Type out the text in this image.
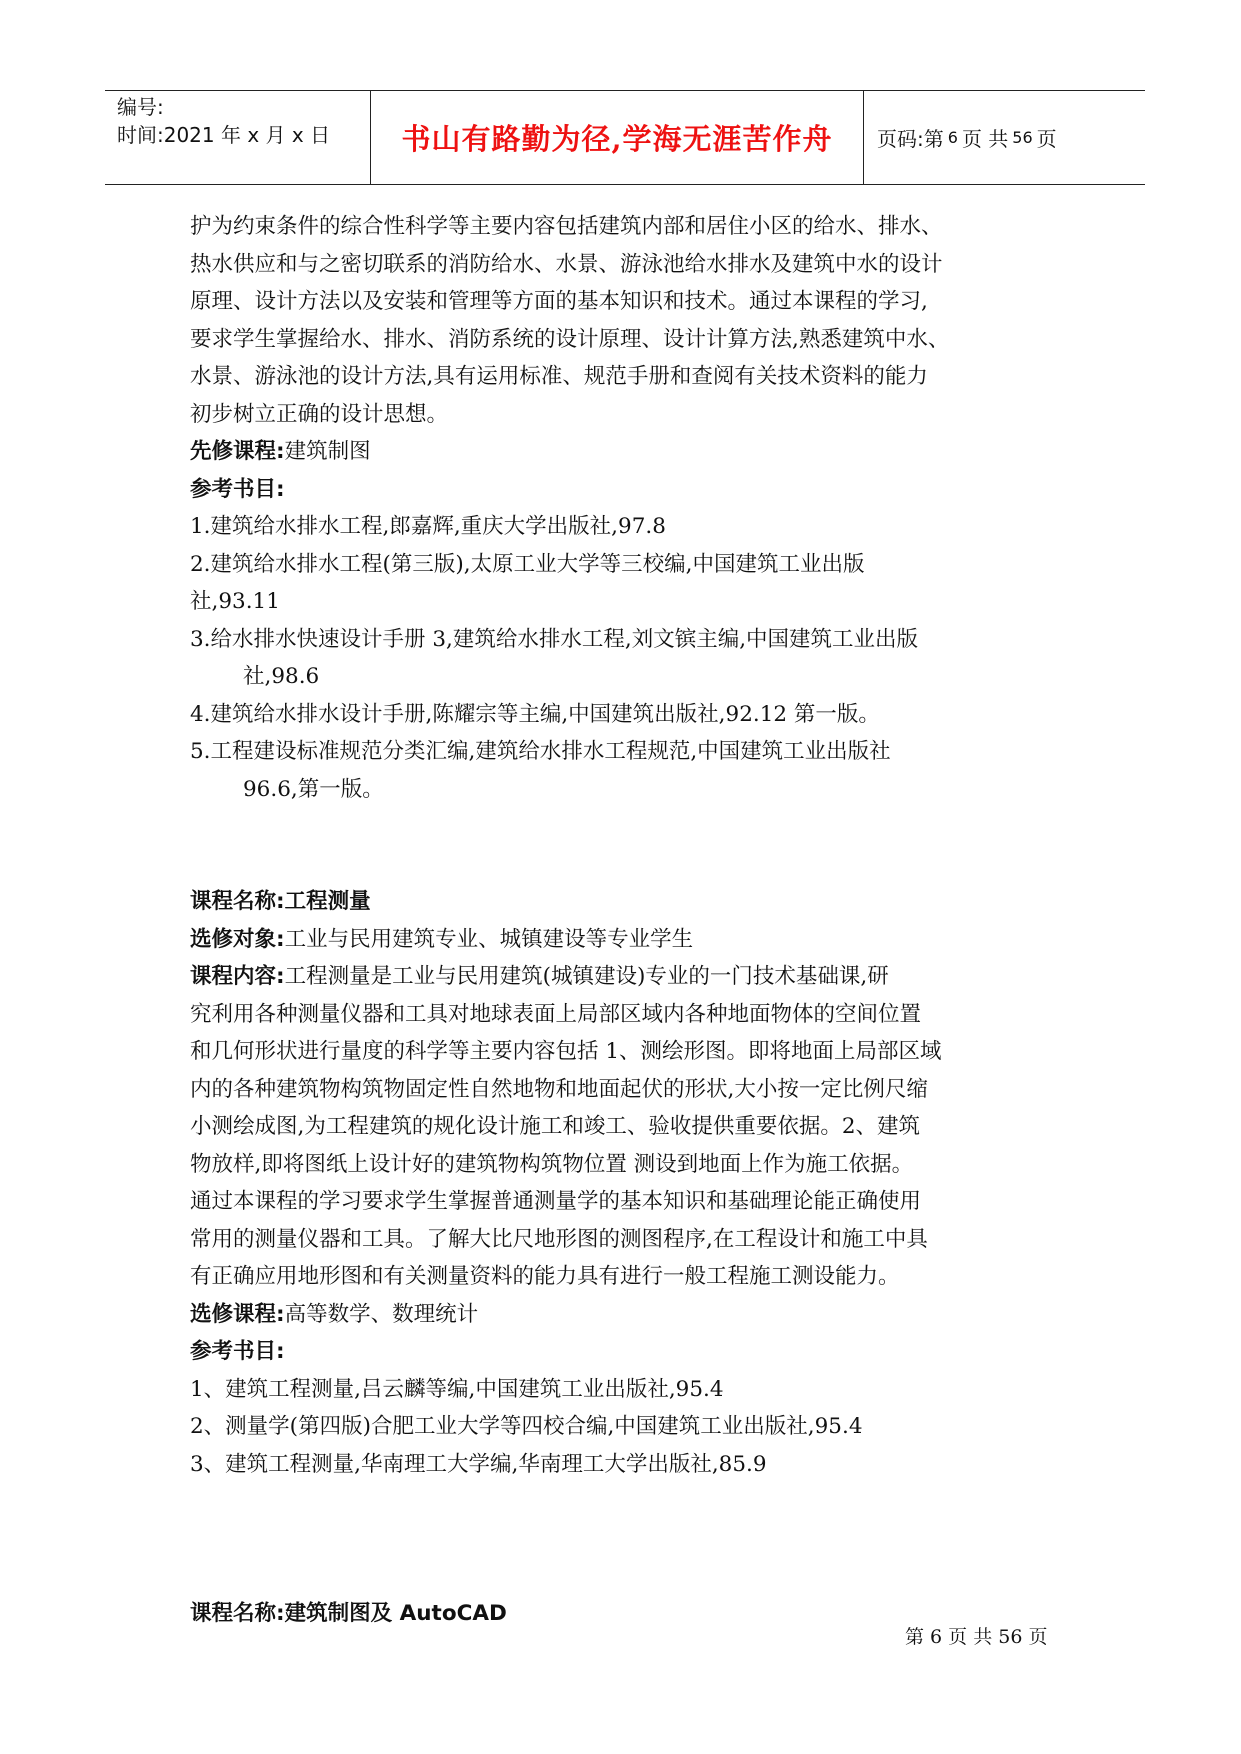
编号:
时间:2021 年 x 月 x 日	书山有路勤为径,学海无涯苦作舟 页码:第 6 页 共 56 页
护为约束条件的综合性科学等主要内容包括建筑内部和居住小区的给水、排水、
热水供应和与之密切联系的消防给水、水景、游泳池给水排水及建筑中水的设计
原理、设计方法以及安装和管理等方面的基本知识和技术。通过本课程的学习,
要求学生掌握给水、排水、消防系统的设计原理、设计计算方法,熟悉建筑中水、
水景、游泳池的设计方法,具有运用标准、规范手册和查阅有关技术资料的能力
初步树立正确的设计思想。
先修课程:建筑制图
参考书目:
1.建筑给水排水工程,郎嘉辉,重庆大学出版社,97.8
2.建筑给水排水工程(第三版),太原工业大学等三校编,中国建筑工业出版
社,93.11
3.给水排水快速设计手册 3,建筑给水排水工程,刘文镔主编,中国建筑工业出版
社,98.6
4.建筑给水排水设计手册,陈耀宗等主编,中国建筑出版社,92.12 第一版。
5.工程建设标准规范分类汇编,建筑给水排水工程规范,中国建筑工业出版社
96.6,第一版。
课程名称:工程测量
选修对象:工业与民用建筑专业、城镇建设等专业学生
课程内容:工程测量是工业与民用建筑(城镇建设)专业的一门技术基础课,研
究利用各种测量仪器和工具对地球表面上局部区域内各种地面物体的空间位置
和几何形状进行量度的科学等主要内容包括 1、测绘形图。即将地面上局部区域
内的各种建筑物构筑物固定性自然地物和地面起伏的形状,大小按一定比例尺缩
小测绘成图,为工程建筑的规化设计施工和竣工、验收提供重要依据。2、建筑
物放样,即将图纸上设计好的建筑物构筑物位置 测设到地面上作为施工依据。
通过本课程的学习要求学生掌握普通测量学的基本知识和基础理论能正确使用
常用的测量仪器和工具。了解大比尺地形图的测图程序,在工程设计和施工中具
有正确应用地形图和有关测量资料的能力具有进行一般工程施工测设能力。
选修课程:高等数学、数理统计
参考书目:
1、建筑工程测量,吕云麟等编,中国建筑工业出版社,95.4
2、测量学(第四版)合肥工业大学等四校合编,中国建筑工业出版社,95.4
3、建筑工程测量,华南理工大学编,华南理工大学出版社,85.9
课程名称:建筑制图及 AutoCAD
第 6 页 共 56 页
